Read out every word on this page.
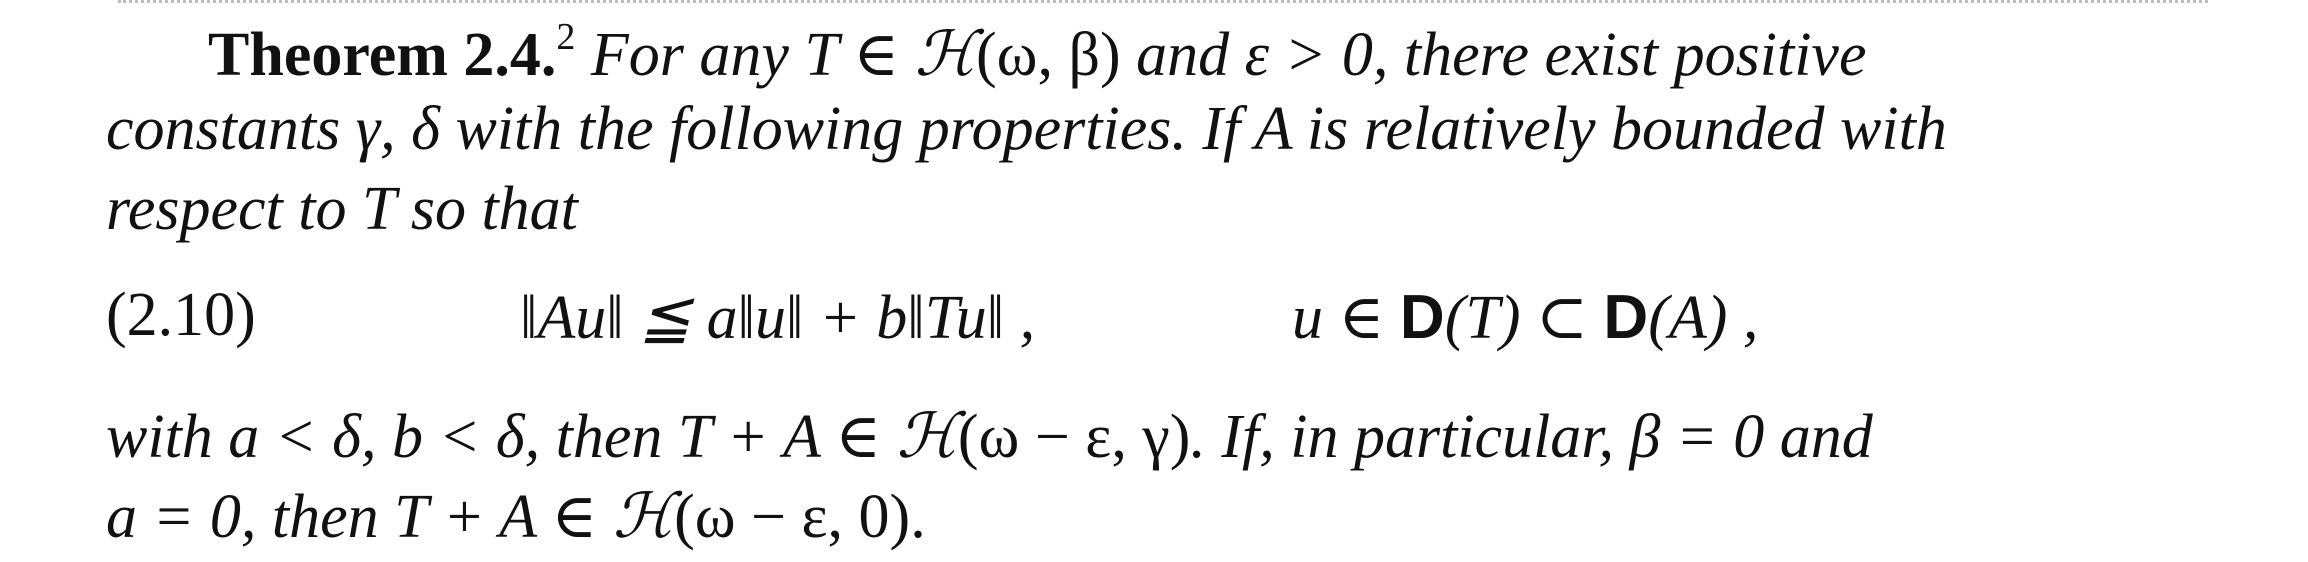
Theorem 2.4.$^2$ For any T ∈ ℋ(ω, β) and ε > 0, there exist positive
constants γ, δ with the following properties. If A is relatively bounded with
respect to T so that
(2.10)	‖Au‖ ≦ a‖u‖ + b‖Tu‖ ,	u ∈ D(T) ⊂ D(A) ,
with a < δ, b < δ, then T + A ∈ ℋ(ω − ε, γ). If, in particular, β = 0 and
a = 0, then T + A ∈ ℋ(ω − ε, 0).
